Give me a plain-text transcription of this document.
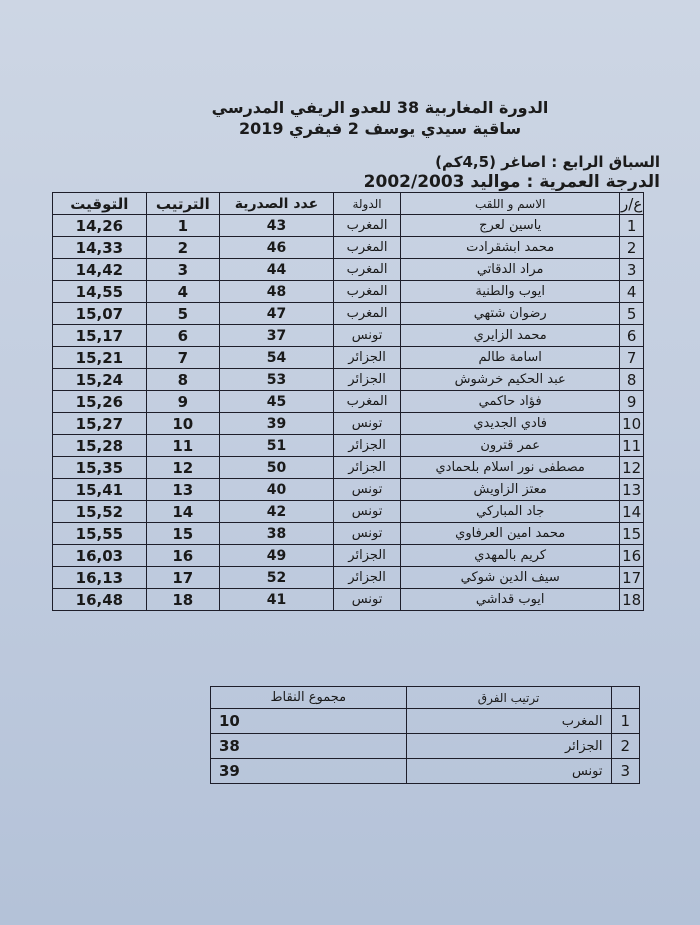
الدورة المغاربية 38 للعدو الريفي المدرسي
ساقية سيدي يوسف 2 فيفري 2019
السباق الرابع : اصاغر (4,5كم)
الدرجة العمرية : مواليد 2002/2003
ع/ر	الاسم و اللقب	الدولة	عدد الصدرية	الترتيب	التوقيت
1	ياسين لعرج	المغرب	43	1	14,26
2	محمد ابشقرادت	المغرب	46	2	14,33
3	مراد الدقاتي	المغرب	44	3	14,42
4	ايوب والطنية	المغرب	48	4	14,55
5	رضوان شتهي	المغرب	47	5	15,07
6	محمد الزايري	تونس	37	6	15,17
7	اسامة طالم	الجزائر	54	7	15,21
8	عبد الحكيم خرشوش	الجزائر	53	8	15,24
9	فؤاد حاكمي	المغرب	45	9	15,26
10	فادي الجديدي	تونس	39	10	15,27
11	عمر قترون	الجزائر	51	11	15,28
12	مصطفى نور اسلام بلحمادي	الجزائر	50	12	15,35
13	معتز الزاويش	تونس	40	13	15,41
14	جاد المباركي	تونس	42	14	15,52
15	محمد امين العرفاوي	تونس	38	15	15,55
16	كريم بالمهدي	الجزائر	49	16	16,03
17	سيف الدين شوكي	الجزائر	52	17	16,13
18	ايوب قداشي	تونس	41	18	16,48
	ترتيب الفرق	مجموع النقاط
1	المغرب	10
2	الجزائر	38
3	تونس	39
